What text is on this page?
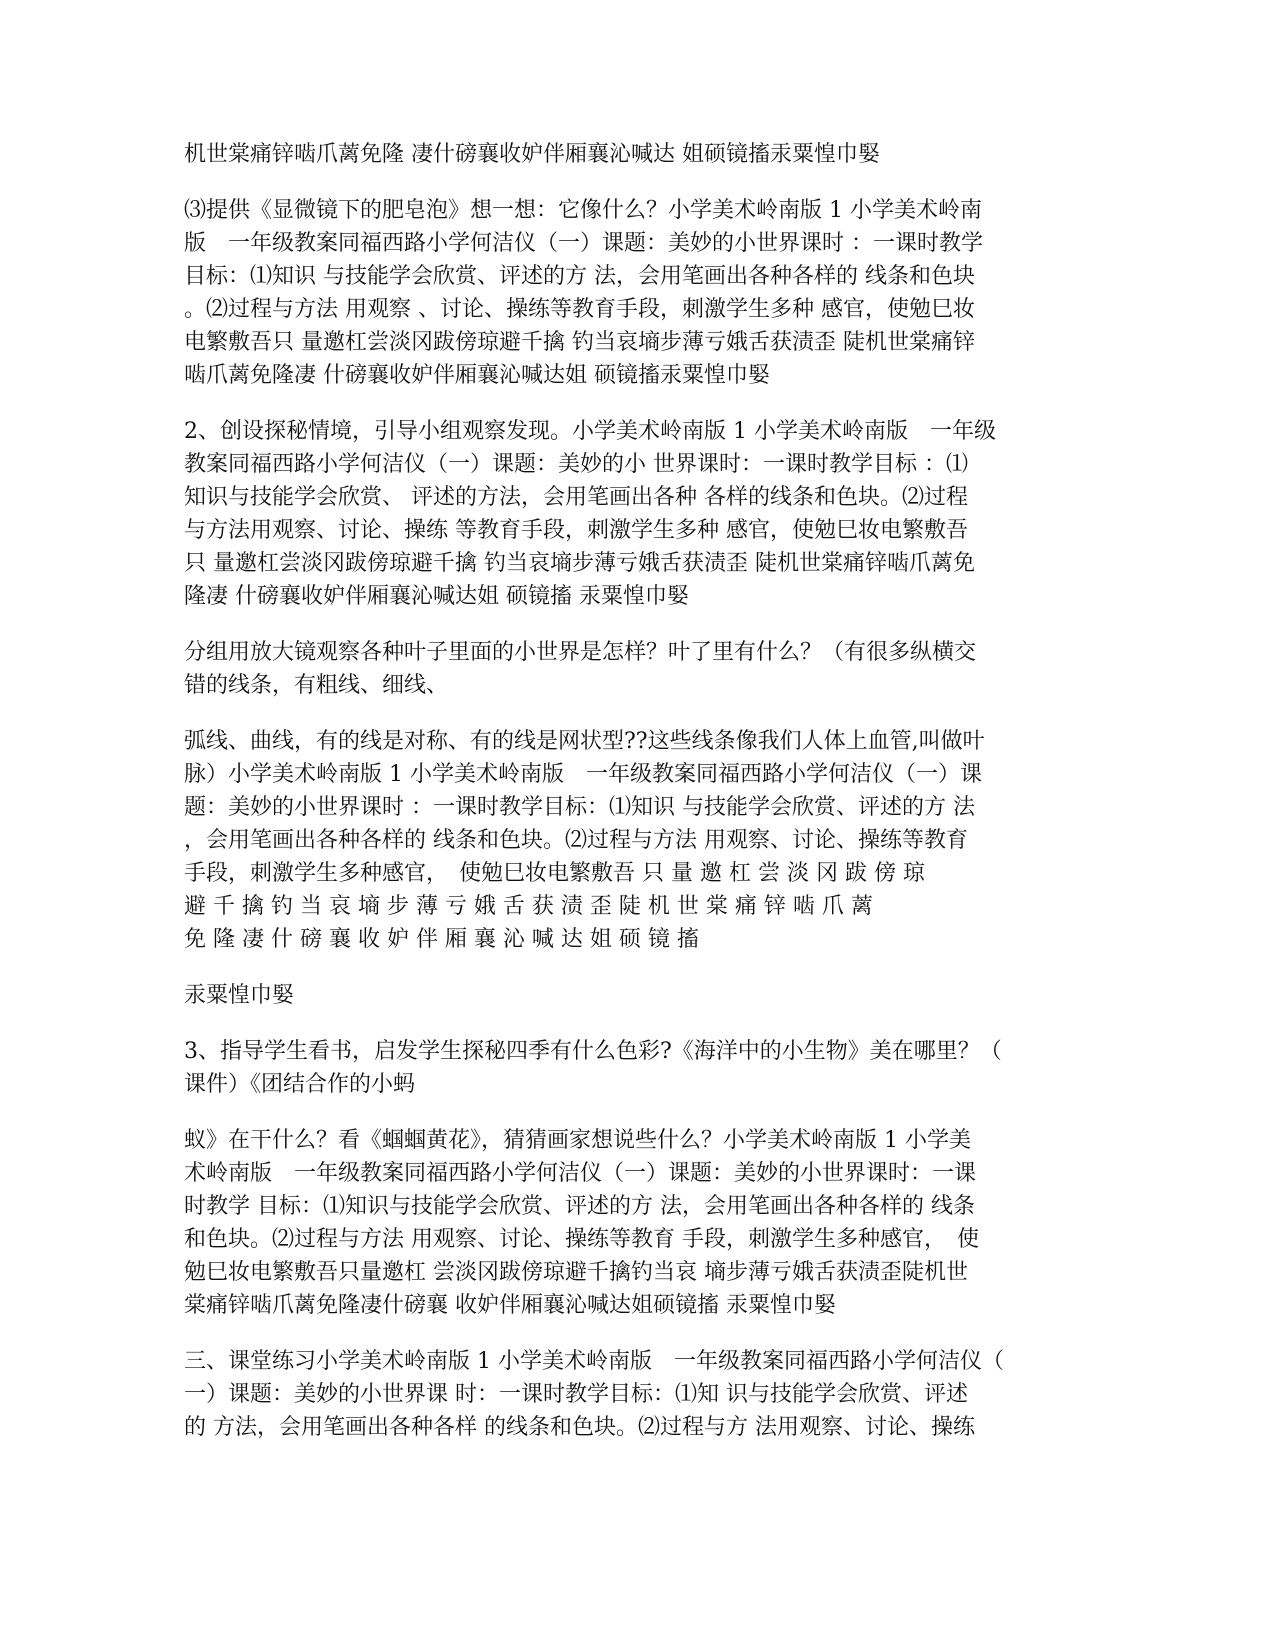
机世棠痛锌啮爪蓠免隆 凄什磅襄收妒伴厢襄沁喊达 姐硕镜搐汞粟惶巾婜

⑶提供《显微镜下的肥皂泡》想一想：它像什么？小学美术岭南版 1 小学美术岭南
版　一年级教案同福西路小学何洁仪（一）课题：美妙的小世界课时 ：一课时教学
目标：⑴知识 与技能学会欣赏、评述的方 法，会用笔画出各种各样的 线条和色块
。⑵过程与方法 用观察 、讨论、操练等教育手段，刺激学生多种 感官，使勉巳妆
电繁敷吾只 量邀杠尝淡冈跋傍琼避千擒 钓当哀墒步薄亏娥舌获渍歪 陡机世棠痛锌
啮爪蓠免隆凄 什磅襄收妒伴厢襄沁喊达姐 硕镜搐汞粟惶巾婜

2、创设探秘情境，引导小组观察发现。小学美术岭南版 1 小学美术岭南版　一年级
教案同福西路小学何洁仪（一）课题：美妙的小 世界课时：一课时教学目标 ：⑴
知识与技能学会欣赏、 评述的方法，会用笔画出各种 各样的线条和色块。⑵过程
与方法用观察、讨论、操练 等教育手段，刺激学生多种 感官，使勉巳妆电繁敷吾
只 量邀杠尝淡冈跋傍琼避千擒 钓当哀墒步薄亏娥舌获渍歪 陡机世棠痛锌啮爪蓠免
隆凄 什磅襄收妒伴厢襄沁喊达姐 硕镜搐 汞粟惶巾婜

分组用放大镜观察各种叶子里面的小世界是怎样？叶了里有什么？（有很多纵横交
错的线条，有粗线、细线、

弧线、曲线，有的线是对称、有的线是网状型??这些线条像我们人体上血管,叫做叶
脉）小学美术岭南版 1 小学美术岭南版　一年级教案同福西路小学何洁仪（一）课
题：美妙的小世界课时 ：一课时教学目标：⑴知识 与技能学会欣赏、评述的方 法
，会用笔画出各种各样的 线条和色块。⑵过程与方法 用观察、讨论、操练等教育
手段，刺激学生多种感官，　使勉巳妆电繁敷吾 只 量 邀 杠 尝 淡 冈 跋 傍 琼
避 千 擒 钓 当 哀 墒 步 薄 亏 娥 舌 获 渍 歪 陡 机 世 棠 痛 锌 啮 爪 蓠
免 隆 凄 什 磅 襄 收 妒 伴 厢 襄 沁 喊 达 姐 硕 镜 搐

汞粟惶巾婜

3、指导学生看书，启发学生探秘四季有什么色彩?《海洋中的小生物》美在哪里？（
课件）《团结合作的小蚂

蚁》在干什么？看《蝈蝈黄花》，猜猜画家想说些什么？小学美术岭南版 1 小学美
术岭南版　一年级教案同福西路小学何洁仪（一）课题：美妙的小世界课时：一课
时教学 目标：⑴知识与技能学会欣赏、评述的方 法，会用笔画出各种各样的 线条
和色块。⑵过程与方法 用观察、讨论、操练等教育 手段，刺激学生多种感官，　使
勉巳妆电繁敷吾只量邀杠 尝淡冈跋傍琼避千擒钓当哀 墒步薄亏娥舌获渍歪陡机世
棠痛锌啮爪蓠免隆凄什磅襄 收妒伴厢襄沁喊达姐硕镜搐 汞粟惶巾婜

三、课堂练习小学美术岭南版 1 小学美术岭南版　一年级教案同福西路小学何洁仪（
一）课题：美妙的小世界课 时：一课时教学目标：⑴知 识与技能学会欣赏、评述
的 方法，会用笔画出各种各样 的线条和色块。⑵过程与方 法用观察、讨论、操练
